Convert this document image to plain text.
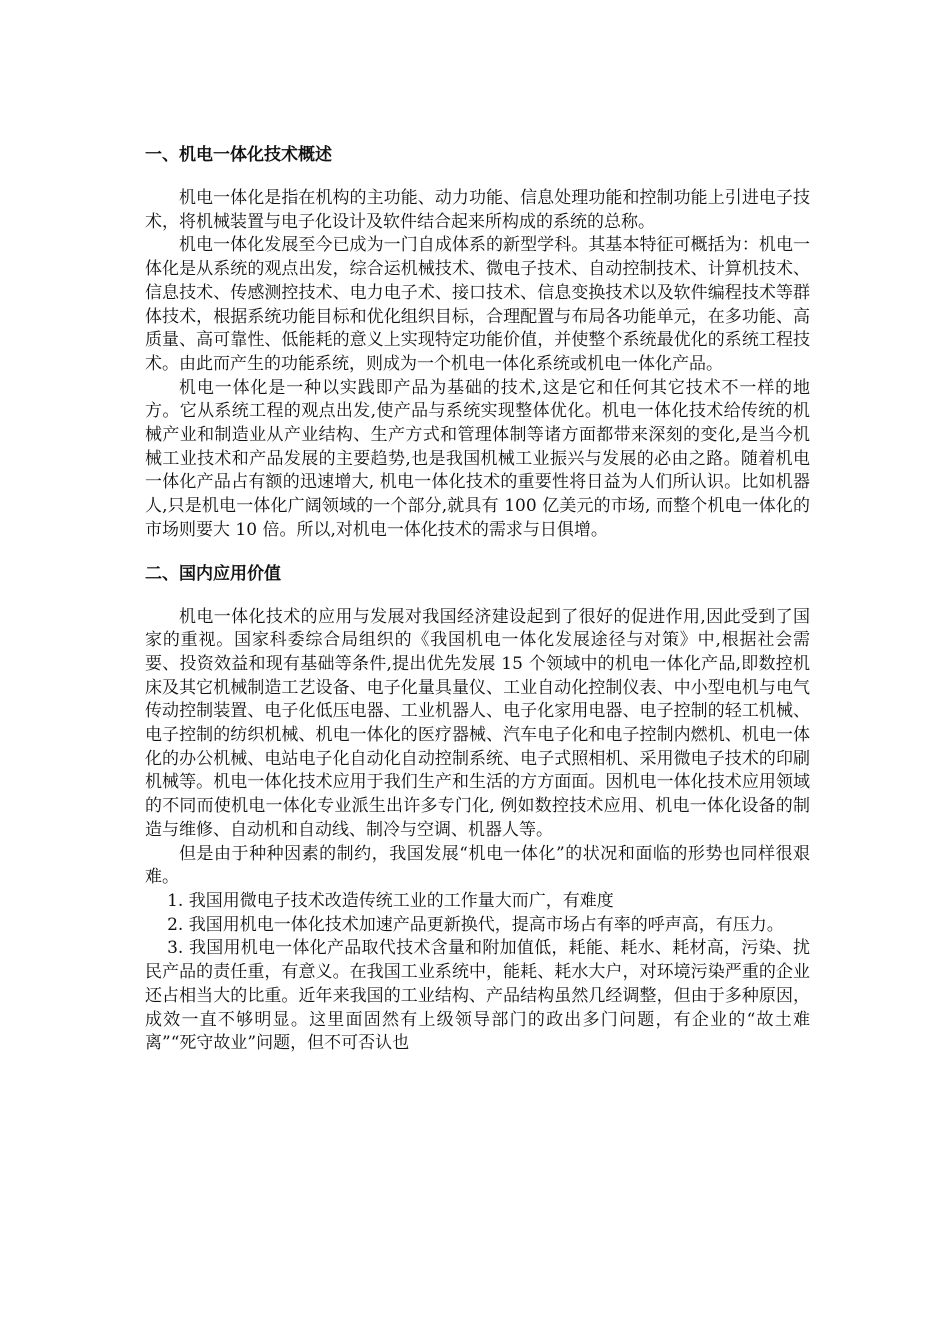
一、机电一体化技术概述

机电一体化是指在机构的主功能、动力功能、信息处理功能和控制功能上引进电子技术，将机械装置与电子化设计及软件结合起来所构成的系统的总称。

机电一体化发展至今已成为一门自成体系的新型学科。其基本特征可概括为：机电一体化是从系统的观点出发，综合运机械技术、微电子技术、自动控制技术、计算机技术、信息技术、传感测控技术、电力电子术、接口技术、信息变换技术以及软件编程技术等群体技术，根据系统功能目标和优化组织目标，合理配置与布局各功能单元，在多功能、高质量、高可靠性、低能耗的意义上实现特定功能价值，并使整个系统最优化的系统工程技术。由此而产生的功能系统，则成为一个机电一体化系统或机电一体化产品。

机电一体化是一种以实践即产品为基础的技术,这是它和任何其它技术不一样的地方。它从系统工程的观点出发,使产品与系统实现整体优化。机电一体化技术给传统的机械产业和制造业从产业结构、生产方式和管理体制等诸方面都带来深刻的变化,是当今机械工业技术和产品发展的主要趋势,也是我国机械工业振兴与发展的必由之路。随着机电一体化产品占有额的迅速增大, 机电一体化技术的重要性将日益为人们所认识。比如机器人,只是机电一体化广阔领域的一个部分,就具有 100 亿美元的市场, 而整个机电一体化的市场则要大 10 倍。所以,对机电一体化技术的需求与日俱增。

二、国内应用价值

机电一体化技术的应用与发展对我国经济建设起到了很好的促进作用,因此受到了国家的重视。国家科委综合局组织的《我国机电一体化发展途径与对策》中,根据社会需要、投资效益和现有基础等条件,提出优先发展 15 个领域中的机电一体化产品,即数控机床及其它机械制造工艺设备、电子化量具量仪、工业自动化控制仪表、中小型电机与电气传动控制装置、电子化低压电器、工业机器人、电子化家用电器、电子控制的轻工机械、电子控制的纺织机械、机电一体化的医疗器械、汽车电子化和电子控制内燃机、机电一体化的办公机械、电站电子化自动化自动控制系统、电子式照相机、采用微电子技术的印刷机械等。机电一体化技术应用于我们生产和生活的方方面面。因机电一体化技术应用领域的不同而使机电一体化专业派生出许多专门化, 例如数控技术应用、机电一体化设备的制造与维修、自动机和自动线、制冷与空调、机器人等。

但是由于种种因素的制约，我国发展“机电一体化”的状况和面临的形势也同样很艰难。

1. 我国用微电子技术改造传统工业的工作量大而广，有难度

2. 我国用机电一体化技术加速产品更新换代，提高市场占有率的呼声高，有压力。

3. 我国用机电一体化产品取代技术含量和附加值低，耗能、耗水、耗材高，污染、扰民产品的责任重，有意义。在我国工业系统中，能耗、耗水大户，对环境污染严重的企业还占相当大的比重。近年来我国的工业结构、产品结构虽然几经调整，但由于多种原因，成效一直不够明显。这里面固然有上级领导部门的政出多门问题，有企业的“故土难离”“死守故业”问题，但不可否认也
